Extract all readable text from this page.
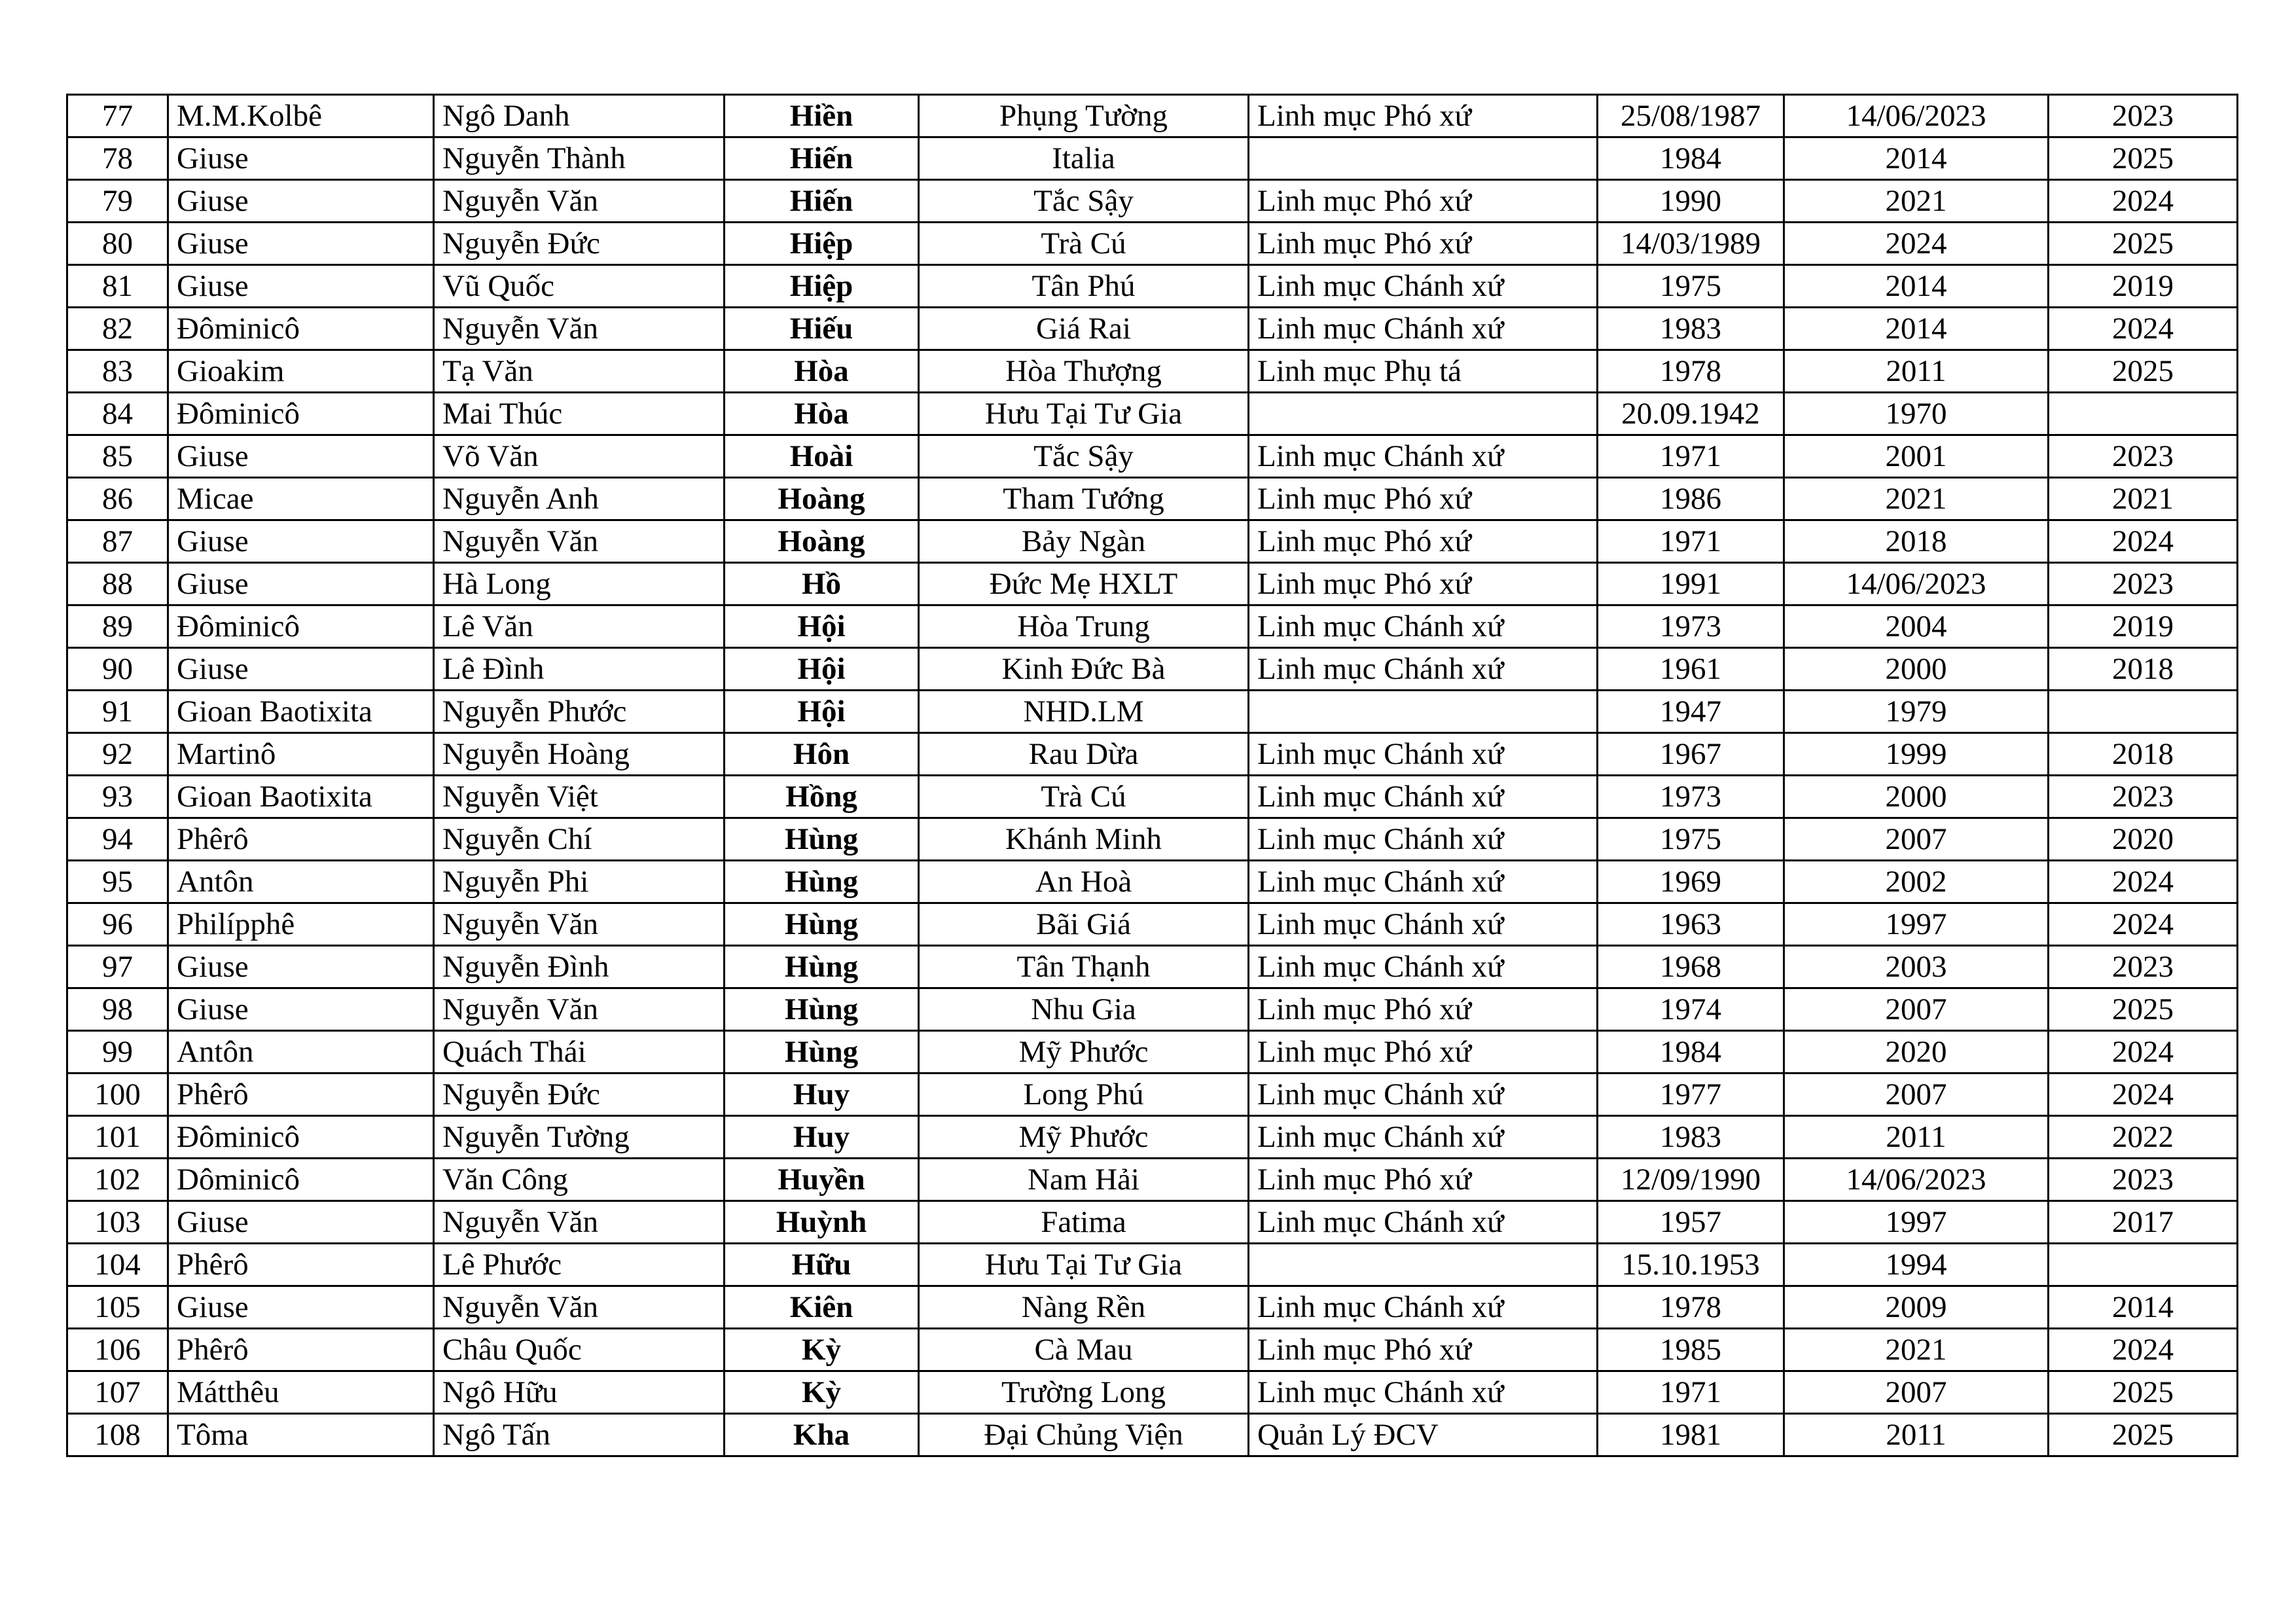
77	M.M.Kolbê	Ngô Danh	Hiền	Phụng Tường	Linh mục Phó xứ	25/08/1987	14/06/2023	2023
78	Giuse	Nguyễn Thành	Hiến	Italia		1984	2014	2025
79	Giuse	Nguyễn Văn	Hiến	Tắc Sậy	Linh mục Phó xứ	1990	2021	2024
80	Giuse	Nguyễn Đức	Hiệp	Trà Cú	Linh mục Phó xứ	14/03/1989	2024	2025
81	Giuse	Vũ Quốc	Hiệp	Tân Phú	Linh mục Chánh xứ	1975	2014	2019
82	Đôminicô	Nguyễn Văn	Hiếu	Giá Rai	Linh mục Chánh xứ	1983	2014	2024
83	Gioakim	Tạ Văn	Hòa	Hòa Thượng	Linh mục Phụ tá	1978	2011	2025
84	Đôminicô	Mai Thúc	Hòa	Hưu Tại Tư Gia		20.09.1942	1970	
85	Giuse	Võ Văn	Hoài	Tắc Sậy	Linh mục Chánh xứ	1971	2001	2023
86	Micae	Nguyễn Anh	Hoàng	Tham Tướng	Linh mục Phó xứ	1986	2021	2021
87	Giuse	Nguyễn Văn	Hoàng	Bảy Ngàn	Linh mục Phó xứ	1971	2018	2024
88	Giuse	Hà Long	Hồ	Đức Mẹ HXLT	Linh mục Phó xứ	1991	14/06/2023	2023
89	Đôminicô	Lê Văn	Hội	Hòa Trung	Linh mục Chánh xứ	1973	2004	2019
90	Giuse	Lê Đình	Hội	Kinh Đức Bà	Linh mục Chánh xứ	1961	2000	2018
91	Gioan Baotixita	Nguyễn Phước	Hội	NHD.LM		1947	1979	
92	Martinô	Nguyễn Hoàng	Hôn	Rau Dừa	Linh mục Chánh xứ	1967	1999	2018
93	Gioan Baotixita	Nguyễn Việt	Hồng	Trà Cú	Linh mục Chánh xứ	1973	2000	2023
94	Phêrô	Nguyễn Chí	Hùng	Khánh Minh	Linh mục Chánh xứ	1975	2007	2020
95	Antôn	Nguyễn Phi	Hùng	An Hoà	Linh mục Chánh xứ	1969	2002	2024
96	Philípphê	Nguyễn Văn	Hùng	Bãi Giá	Linh mục Chánh xứ	1963	1997	2024
97	Giuse	Nguyễn Đình	Hùng	Tân Thạnh	Linh mục Chánh xứ	1968	2003	2023
98	Giuse	Nguyễn Văn	Hùng	Nhu Gia	Linh mục Phó xứ	1974	2007	2025
99	Antôn	Quách Thái	Hùng	Mỹ Phước	Linh mục Phó xứ	1984	2020	2024
100	Phêrô	Nguyễn Đức	Huy	Long Phú	Linh mục Chánh xứ	1977	2007	2024
101	Đôminicô	Nguyễn Tường	Huy	Mỹ Phước	Linh mục Chánh xứ	1983	2011	2022
102	Dôminicô	Văn Công	Huyền	Nam Hải	Linh mục Phó xứ	12/09/1990	14/06/2023	2023
103	Giuse	Nguyễn Văn	Huỳnh	Fatima	Linh mục Chánh xứ	1957	1997	2017
104	Phêrô	Lê Phước	Hữu	Hưu Tại Tư Gia		15.10.1953	1994	
105	Giuse	Nguyễn Văn	Kiên	Nàng Rền	Linh mục Chánh xứ	1978	2009	2014
106	Phêrô	Châu Quốc	Kỳ	Cà Mau	Linh mục Phó xứ	1985	2021	2024
107	Mátthêu	Ngô Hữu	Kỳ	Trường Long	Linh mục Chánh xứ	1971	2007	2025
108	Tôma	Ngô Tấn	Kha	Đại Chủng Viện	Quản Lý ĐCV	1981	2011	2025
